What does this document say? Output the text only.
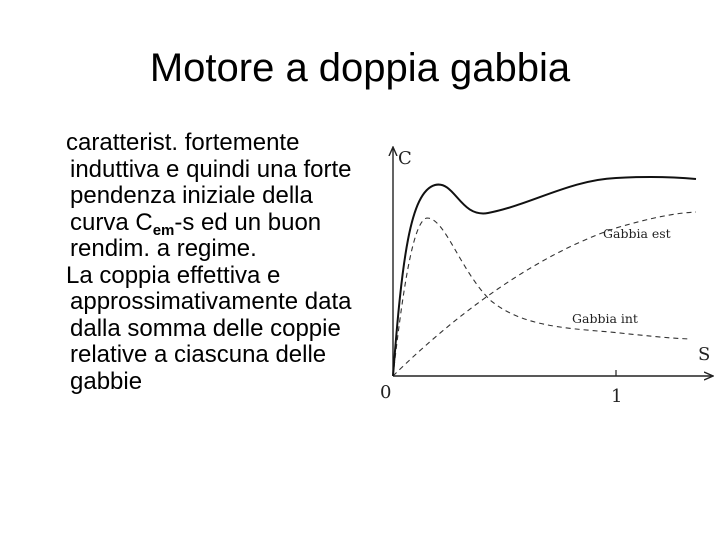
Motore a doppia gabbia

caratterist. fortemente induttiva e quindi una forte pendenza iniziale della curva $C_{em}-s$ ed un buon rendim. a regime.

La coppia effettiva e approssimativamente data dalla somma delle coppie relative a ciascuna delle gabbie

C
S
0	1
Gabbia est
Gabbia int
